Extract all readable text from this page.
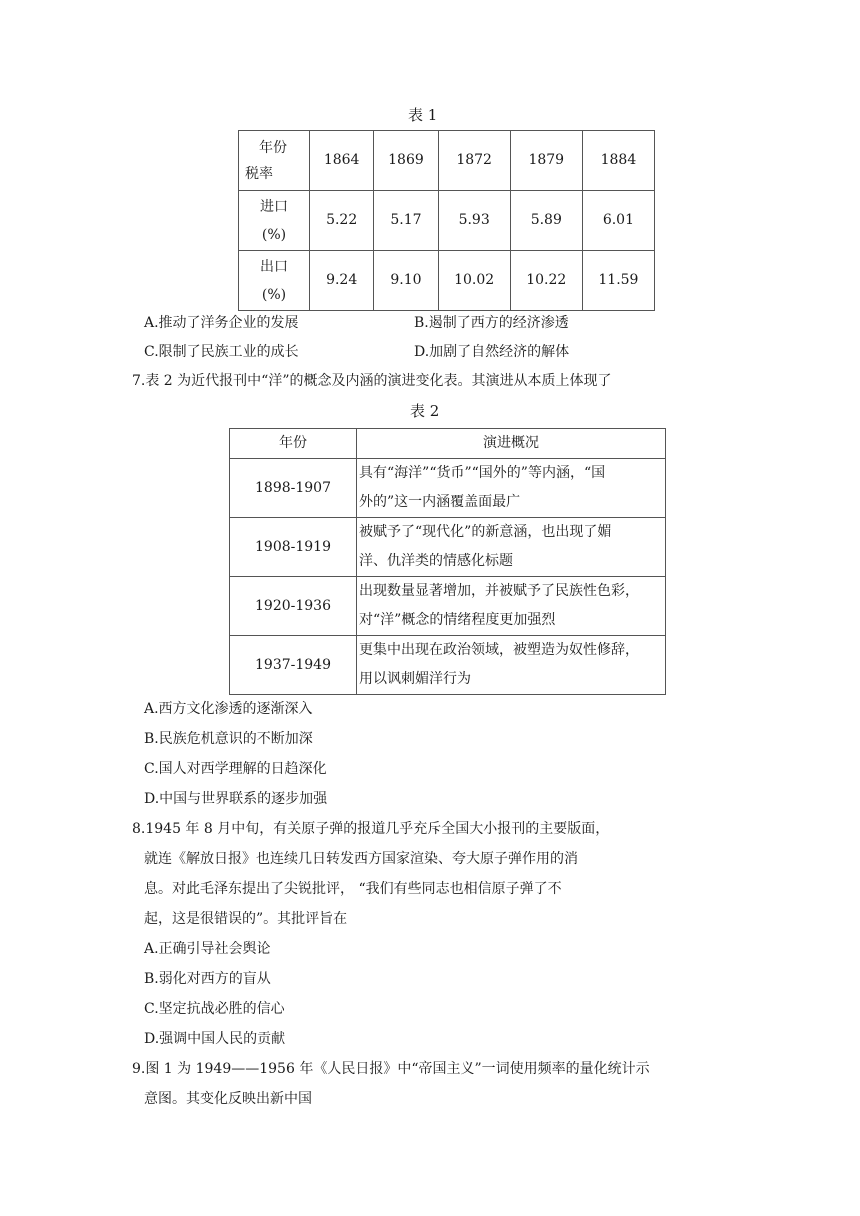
表 1
年份
税率	1864	1869	1872	1879	1884

进口
(%)	5.22	5.17	5.93	5.89	6.01

出口
(%)	9.24	9.10	10.02	10.22	11.59
A.推动了洋务企业的发展	B.遏制了西方的经济渗透
C.限制了民族工业的成长	D.加剧了自然经济的解体
7.表 2 为近代报刊中“洋”的概念及内涵的演进变化表。其演进从本质上体现了
表 2
年份	演进概况
1898-1907	具有“海洋”“货币”“国外的”等内涵，“国
外的”这一内涵覆盖面最广

1908-1919	被赋予了“现代化”的新意涵，也出现了媚
洋、仇洋类的情感化标题

1920-1936	出现数量显著增加，并被赋予了民族性色彩，
对“洋”概念的情绪程度更加强烈

1937-1949	更集中出现在政治领域，被塑造为奴性修辞，
用以讽刺媚洋行为
A.西方文化渗透的逐渐深入
B.民族危机意识的不断加深
C.国人对西学理解的日趋深化
D.中国与世界联系的逐步加强
8.1945 年 8 月中旬，有关原子弹的报道几乎充斥全国大小报刊的主要版面，
就连《解放日报》也连续几日转发西方国家渲染、夸大原子弹作用的消
息。对此毛泽东提出了尖锐批评， “我们有些同志也相信原子弹了不
起，这是很错误的”。其批评旨在
A.正确引导社会舆论
B.弱化对西方的盲从
C.坚定抗战必胜的信心
D.强调中国人民的贡献
9.图 1 为 1949——1956 年《人民日报》中“帝国主义”一词使用频率的量化统计示
意图。其变化反映出新中国
